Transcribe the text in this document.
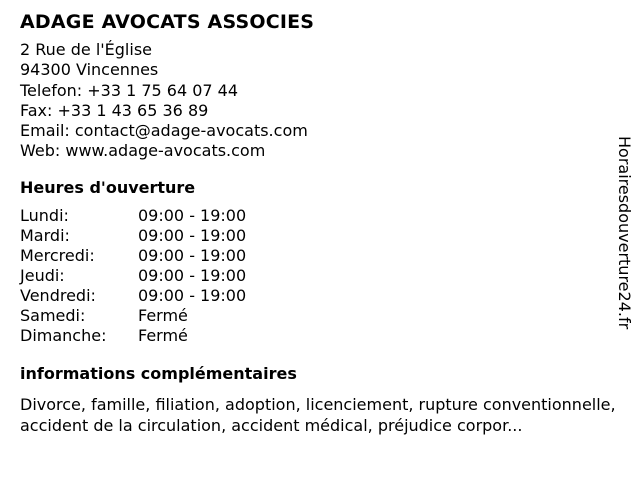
ADAGE AVOCATS ASSOCIES
2 Rue de l'Église
94300 Vincennes
Telefon: +33 1 75 64 07 44
Fax: +33 1 43 65 36 89
Email: contact@adage-avocats.com
Web: www.adage-avocats.com
Heures d'ouverture
Lundi:	09:00 - 19:00
Mardi:	09:00 - 19:00
Mercredi:	09:00 - 19:00
Jeudi:	09:00 - 19:00
Vendredi:	09:00 - 19:00
Samedi:	Fermé
Dimanche:	Fermé
informations complémentaires
Divorce, famille, filiation, adoption, licenciement, rupture conventionnelle, accident de la circulation, accident médical, préjudice corpor...
Horairesdouverture24.fr
